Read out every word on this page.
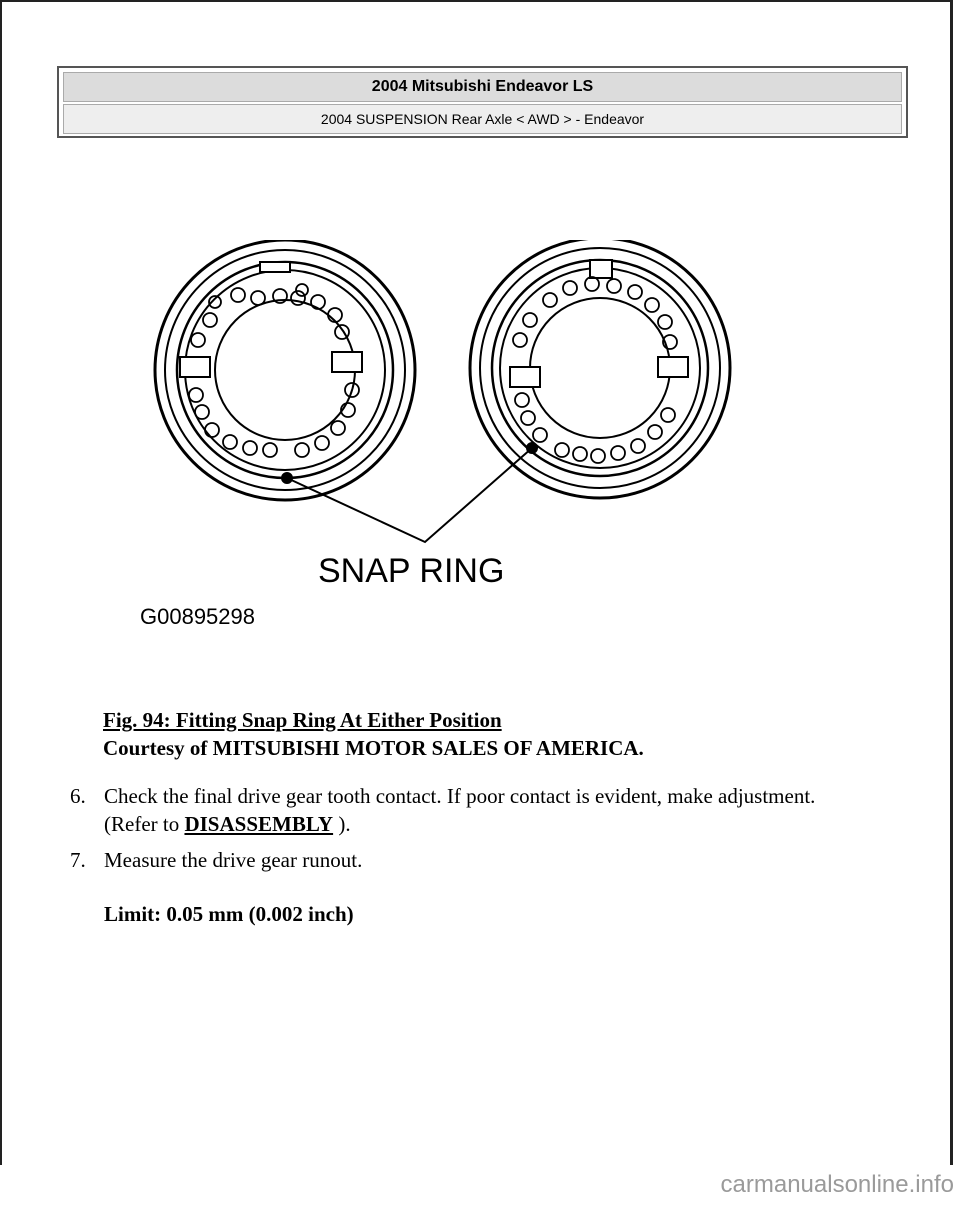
2004 Mitsubishi Endeavor LS
2004 SUSPENSION Rear Axle < AWD > - Endeavor
SNAP RING
G00895298
Fig. 94: Fitting Snap Ring At Either Position
Courtesy of MITSUBISHI MOTOR SALES OF AMERICA.
6. Check the final drive gear tooth contact. If poor contact is evident, make adjustment. (Refer to DISASSEMBLY ).
7. Measure the drive gear runout.
Limit: 0.05 mm (0.002 inch)
carmanualsonline.info
